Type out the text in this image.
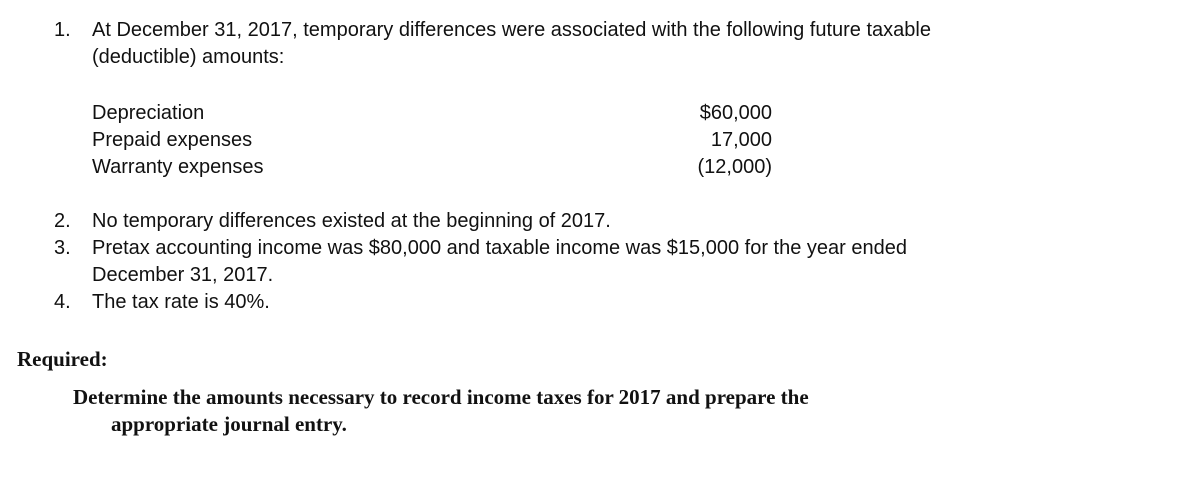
1.	At December 31, 2017, temporary differences were associated with the following future taxable
(deductible) amounts:
Depreciation	$60,000
Prepaid expenses	17,000
Warranty expenses	(12,000)
2.	No temporary differences existed at the beginning of 2017.
3.	Pretax accounting income was $80,000 and taxable income was $15,000 for the year ended
December 31, 2017.
4.	The tax rate is 40%.
Required:
Determine the amounts necessary to record income taxes for 2017 and prepare the
appropriate journal entry.
